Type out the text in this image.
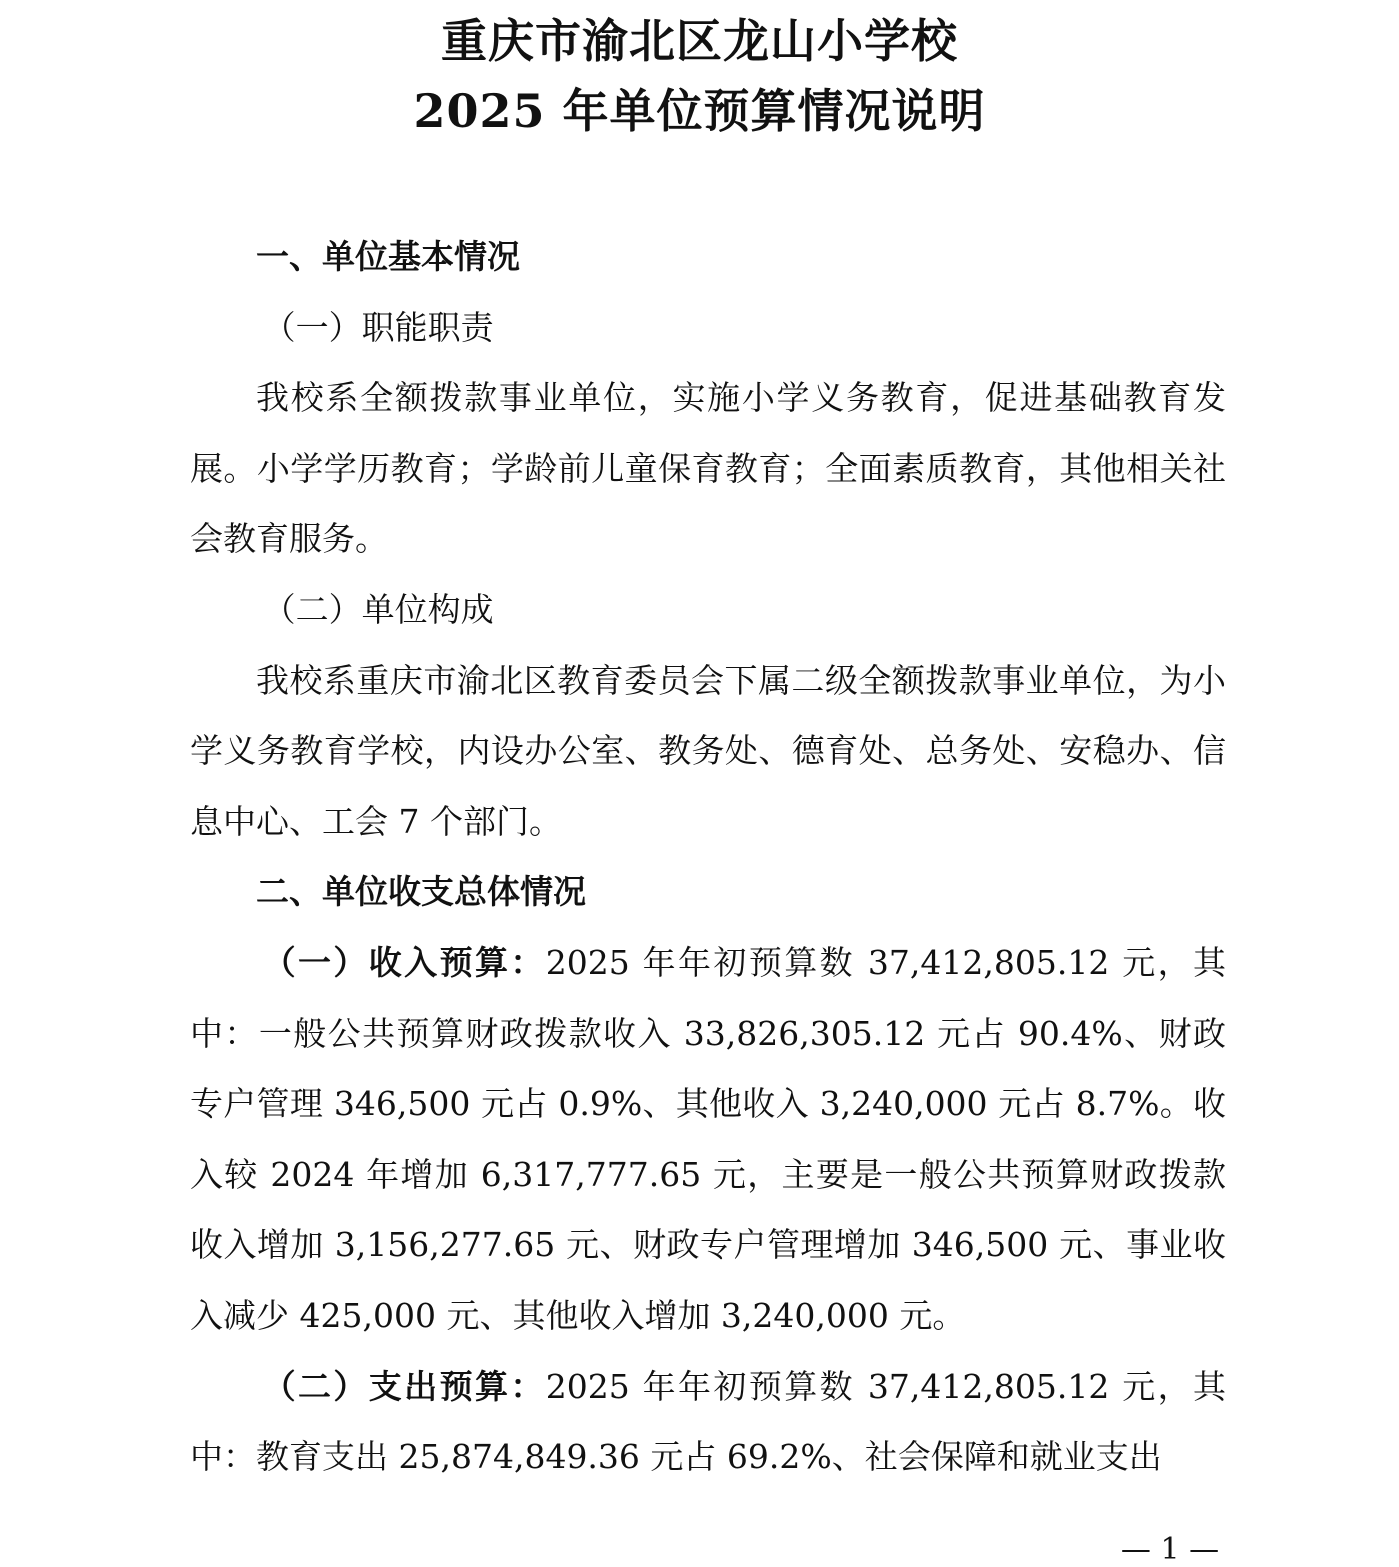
重庆市渝北区龙山小学校
2025 年单位预算情况说明

一、单位基本情况

（一）职能职责

我校系全额拨款事业单位，实施小学义务教育，促进基础教育发展。小学学历教育；学龄前儿童保育教育；全面素质教育，其他相关社会教育服务。

（二）单位构成

我校系重庆市渝北区教育委员会下属二级全额拨款事业单位，为小学义务教育学校，内设办公室、教务处、德育处、总务处、安稳办、信息中心、工会 7 个部门。

二、单位收支总体情况

（一）收入预算：2025 年年初预算数 37,412,805.12 元，其中：一般公共预算财政拨款收入 33,826,305.12 元占 90.4%、财政专户管理 346,500 元占 0.9%、其他收入 3,240,000 元占 8.7%。收入较 2024 年增加 6,317,777.65 元，主要是一般公共预算财政拨款收入增加 3,156,277.65 元、财政专户管理增加 346,500 元、事业收入减少 425,000 元、其他收入增加 3,240,000 元。

（二）支出预算：2025 年年初预算数 37,412,805.12 元，其中：教育支出 25,874,849.36 元占 69.2%、社会保障和就业支出

— 1 —
